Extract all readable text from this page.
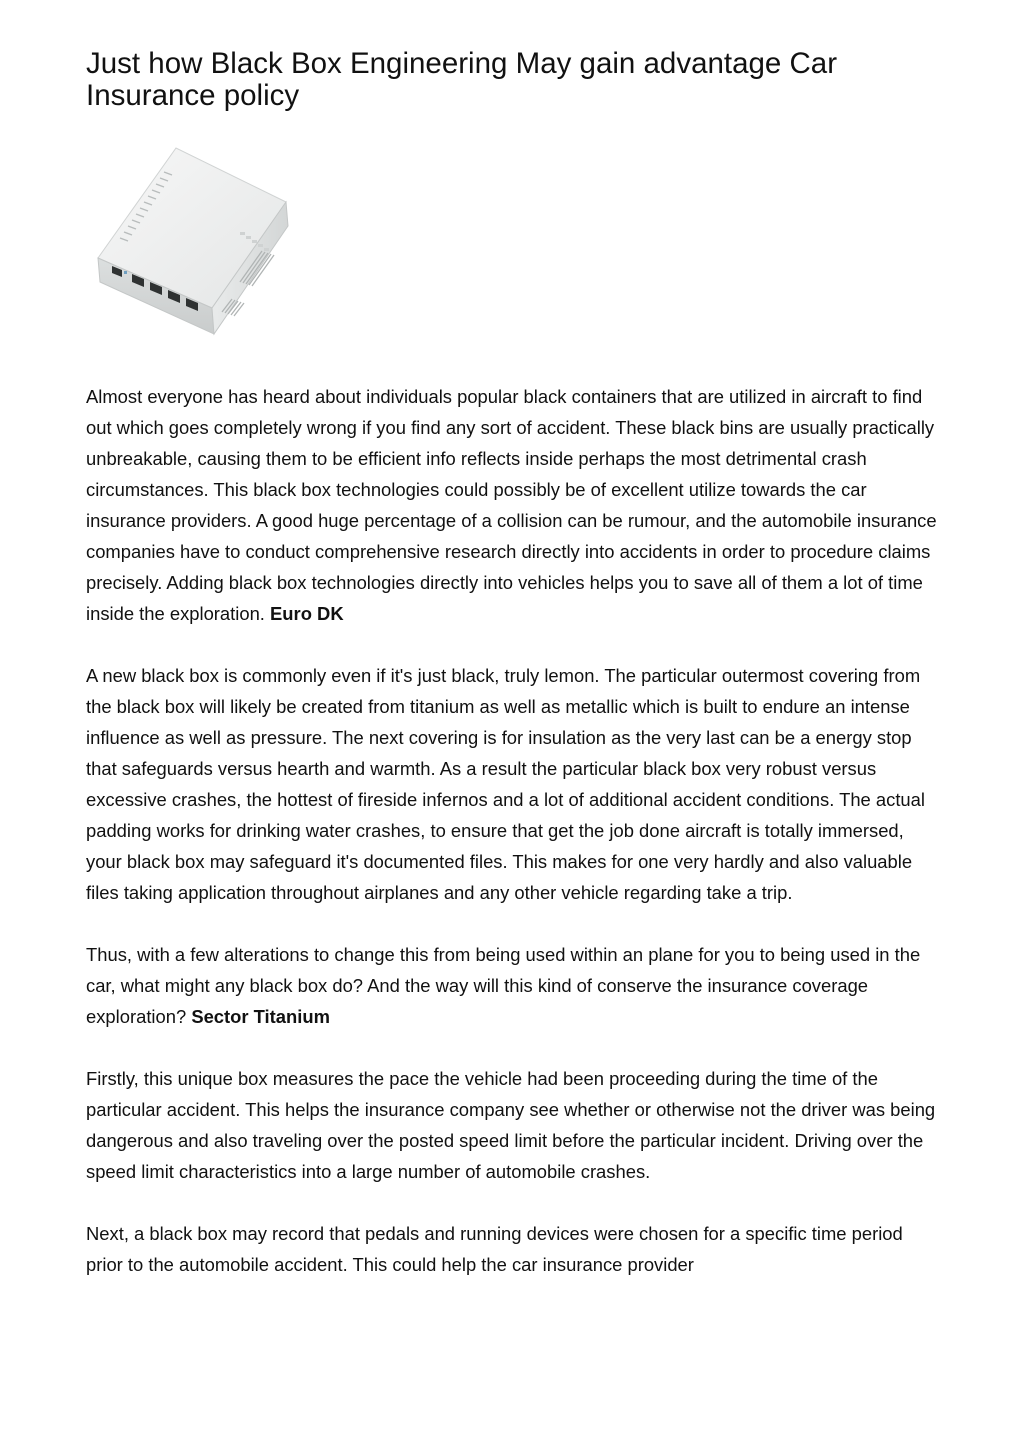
Just how Black Box Engineering May gain advantage Car Insurance policy

Almost everyone has heard about individuals popular black containers that are utilized in aircraft to find out which goes completely wrong if you find any sort of accident. These black bins are usually practically unbreakable, causing them to be efficient info reflects inside perhaps the most detrimental crash circumstances. This black box technologies could possibly be of excellent utilize towards the car insurance providers. A good huge percentage of a collision can be rumour, and the automobile insurance companies have to conduct comprehensive research directly into accidents in order to procedure claims precisely. Adding black box technologies directly into vehicles helps you to save all of them a lot of time inside the exploration. Euro DK

A new black box is commonly even if it's just black, truly lemon. The particular outermost covering from the black box will likely be created from titanium as well as metallic which is built to endure an intense influence as well as pressure. The next covering is for insulation as the very last can be a energy stop that safeguards versus hearth and warmth. As a result the particular black box very robust versus excessive crashes, the hottest of fireside infernos and a lot of additional accident conditions. The actual padding works for drinking water crashes, to ensure that get the job done aircraft is totally immersed, your black box may safeguard it's documented files. This makes for one very hardly and also valuable files taking application throughout airplanes and any other vehicle regarding take a trip.

Thus, with a few alterations to change this from being used within an plane for you to being used in the car, what might any black box do? And the way will this kind of conserve the insurance coverage exploration? Sector Titanium

Firstly, this unique box measures the pace the vehicle had been proceeding during the time of the particular accident. This helps the insurance company see whether or otherwise not the driver was being dangerous and also traveling over the posted speed limit before the particular incident. Driving over the speed limit characteristics into a large number of automobile crashes.

Next, a black box may record that pedals and running devices were chosen for a specific time period prior to the automobile accident. This could help the car insurance provider
